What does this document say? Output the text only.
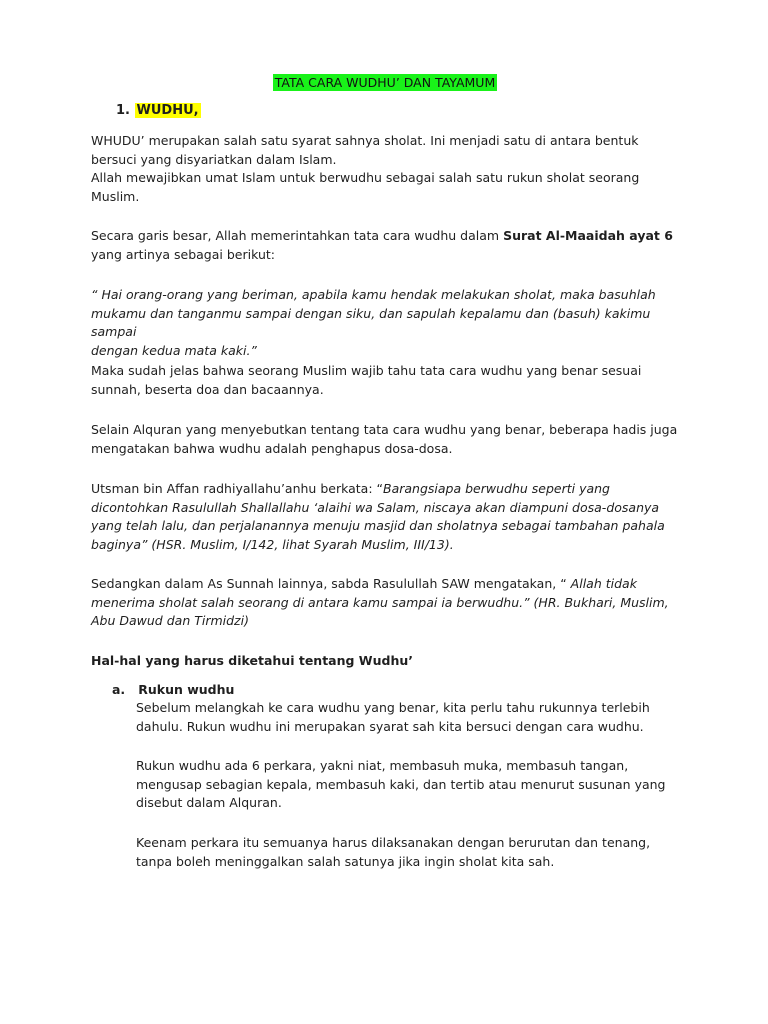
TATA CARA WUDHU’ DAN TAYAMUM
1. WUDHU,
WHUDU’ merupakan salah satu syarat sahnya sholat. Ini menjadi satu di antara bentuk
bersuci yang disyariatkan dalam Islam.
Allah mewajibkan umat Islam untuk berwudhu sebagai salah satu rukun sholat seorang
Muslim.
Secara garis besar, Allah memerintahkan tata cara wudhu dalam Surat Al-Maaidah ayat 6
yang artinya sebagai berikut:
“ Hai orang-orang yang beriman, apabila kamu hendak melakukan sholat, maka basuhlah
mukamu dan tanganmu sampai dengan siku, dan sapulah kepalamu dan (basuh) kakimu sampai
dengan kedua mata kaki.”
Maka sudah jelas bahwa seorang Muslim wajib tahu tata cara wudhu yang benar sesuai
sunnah, beserta doa dan bacaannya.
Selain Alquran yang menyebutkan tentang tata cara wudhu yang benar, beberapa hadis juga
mengatakan bahwa wudhu adalah penghapus dosa-dosa.
Utsman bin Affan radhiyallahu’anhu berkata: “Barangsiapa berwudhu seperti yang
dicontohkan Rasulullah Shallallahu ‘alaihi wa Salam, niscaya akan diampuni dosa-dosanya
yang telah lalu, dan perjalanannya menuju masjid dan sholatnya sebagai tambahan pahala
baginya” (HSR. Muslim, I/142, lihat Syarah Muslim, III/13).
Sedangkan dalam As Sunnah lainnya, sabda Rasulullah SAW mengatakan, “ Allah tidak
menerima sholat salah seorang di antara kamu sampai ia berwudhu.” (HR. Bukhari, Muslim,
Abu Dawud dan Tirmidzi)
Hal-hal yang harus diketahui tentang Wudhu’
a. Rukun wudhu
Sebelum melangkah ke cara wudhu yang benar, kita perlu tahu rukunnya terlebih
dahulu. Rukun wudhu ini merupakan syarat sah kita bersuci dengan cara wudhu.
Rukun wudhu ada 6 perkara, yakni niat, membasuh muka, membasuh tangan,
mengusap sebagian kepala, membasuh kaki, dan tertib atau menurut susunan yang
disebut dalam Alquran.
Keenam perkara itu semuanya harus dilaksanakan dengan berurutan dan tenang,
tanpa boleh meninggalkan salah satunya jika ingin sholat kita sah.
